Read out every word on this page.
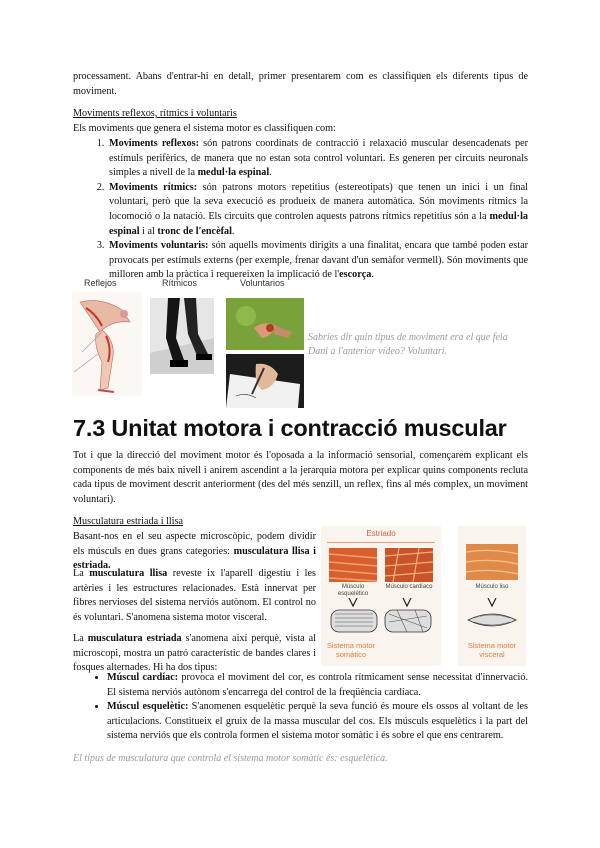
processament. Abans d'entrar-hi en detall, primer presentarem com es classifiquen els diferents tipus de moviment.

Moviments reflexos, rítmics i voluntaris

Els moviments que genera el sistema motor es classifiquen com:

1. Moviments reflexos: són patrons coordinats de contracció i relaxació muscular desencadenats per estímuls perifèrics, de manera que no estan sota control voluntari. Es generen per circuits neuronals simples a nivell de la medul·la espinal.
2. Moviments rítmics: són patrons motors repetitius (estereotipats) que tenen un inici i un final voluntari, però que la seva execució es produeix de manera automàtica. Són moviments rítmics la locomoció o la natació. Els circuits que controlen aquests patrons rítmics repetitius són a la medul·la espinal i al tronc de l'encèfal.
3. Moviments voluntaris: són aquells moviments dirigits a una finalitat, encara que també poden estar provocats per estímuls externs (per exemple, frenar davant d'un semàfor vermell). Són moviments que milloren amb la pràctica i requereixen la implicació de l'escorça.
Reflejos	Rítmicos	Voluntarios

Sabries dir quin tipus de moviment era el que feia Dani a l'anterior vídeo? Voluntari.

7.3 Unitat motora i contracció muscular

Tot i que la direcció del moviment motor és l'oposada a la informació sensorial, començarem explicant els components de més baix nivell i anirem ascendint a la jerarquia motora per explicar quins components recluta cada tipus de moviment descrit anteriorment (des del més senzill, un reflex, fins al més complex, un moviment voluntari).

Musculatura estriada i llisa

Basant-nos en el seu aspecte microscòpic, podem dividir els músculs en dues grans categories: musculatura llisa i estriada.

La musculatura llisa reveste ix l'aparell digestiu i les artèries i les estructures relacionades. Està innervat per fibres nervioses del sistema nerviós autònom. El control no és voluntari. S'anomena sistema motor visceral.

La musculatura estriada s'anomena així perquè, vista al microscopi, mostra un patró característic de bandes clares i fosques alternades. Hi ha dos tipus:

Estriado
Músculo esquelético
Músculo cardíaco
Sistema motor somático
Músculo liso
Sistema motor visceral
• Múscul cardíac: provoca el moviment del cor, es controla rítmicament sense necessitat d'innervació. El sistema nerviós autònom s'encarrega del control de la freqüència cardíaca.
• Múscul esquelètic: S'anomenen esquelètic perquè la seva funció és moure els ossos al voltant de les articulacions. Constitueix el gruix de la massa muscular del cos. Els músculs esquelètics i la part del sistema nerviós que els controla formen el sistema motor somàtic i és sobre el que ens centrarem.

El tipus de musculatura que controla el sistema motor somàtic és: esquelètica.
